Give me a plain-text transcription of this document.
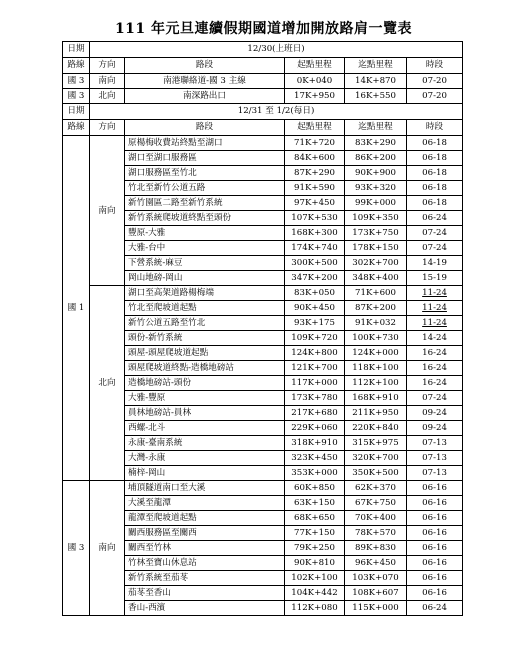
111 年元旦連續假期國道增加開放路肩一覽表
日期	12/30(上班日)				
路線	方向	路段	起點里程	迄點里程	時段
國 3	南向	南港聯絡道-國 3 主線	0K+040	14K+870	07-20
國 3	北向	南深路出口	17K+950	16K+550	07-20
日期	12/31 至 1/2(每日)				
路線	方向	路段	起點里程	迄點里程	時段
國 1	南向	原楊梅收費站終點至湖口	71K+720	83K+290	06-18
		湖口至湖口服務區	84K+600	86K+200	06-18
		湖口服務區至竹北	87K+290	90K+900	06-18
		竹北至新竹公道五路	91K+590	93K+320	06-18
		新竹園區二路至新竹系統	97K+450	99K+000	06-18
		新竹系統爬坡道終點至頭份	107K+530	109K+350	06-24
		豐原-大雅	168K+300	173K+750	07-24
		大雅-台中	174K+740	178K+150	07-24
		下營系統-麻豆	300K+500	302K+700	14-19
		岡山地磅-岡山	347K+200	348K+400	15-19
	北向	湖口至高架道路楊梅端	83K+050	71K+600	11-24
		竹北至爬坡道起點	90K+450	87K+200	11-24
		新竹公道五路至竹北	93K+175	91K+032	11-24
		頭份-新竹系統	109K+720	100K+730	14-24
		頭屋-頭屋爬坡道起點	124K+800	124K+000	16-24
		頭屋爬坡道終點-造橋地磅站	121K+700	118K+100	16-24
		造橋地磅站-頭份	117K+000	112K+100	16-24
		大雅-豐原	173K+780	168K+910	07-24
		員林地磅站-員林	217K+680	211K+950	09-24
		西螺-北斗	229K+060	220K+840	09-24
		永康-臺南系統	318K+910	315K+975	07-13
		大灣-永康	323K+450	320K+700	07-13
		楠梓-岡山	353K+000	350K+500	07-13
國 3	南向	埔頂隧道南口至大溪	60K+850	62K+370	06-16
		大溪至龍潭	63K+150	67K+750	06-16
		龍潭至爬坡道起點	68K+650	70K+400	06-16
		關西服務區至關西	77K+150	78K+570	06-16
		關西至竹林	79K+250	89K+830	06-16
		竹林至寶山休息站	90K+810	96K+450	06-16
		新竹系統至茄苳	102K+100	103K+070	06-16
		茄苳至香山	104K+442	108K+607	06-16
		香山-西濱	112K+080	115K+000	06-24
